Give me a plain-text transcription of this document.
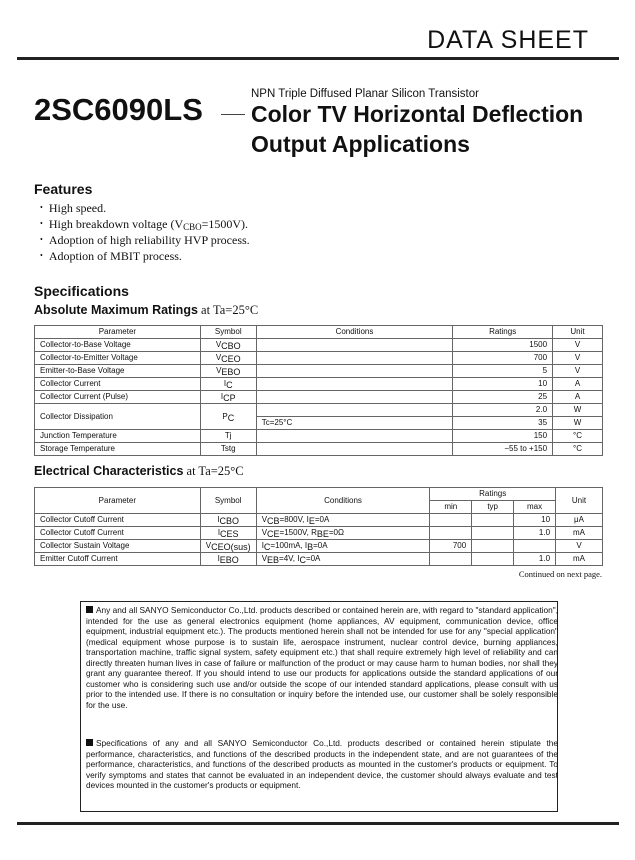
DATA SHEET
2SC6090LS	NPN Triple Diffused Planar Silicon Transistor
Color TV Horizontal Deflection
Output Applications
Features
• High speed.
• High breakdown voltage $(V_{CBO}=1500V)$.
• Adoption of high reliability HVP process.
• Adoption of MBIT process.
Specifications
Absolute Maximum Ratings at Ta=25°C
Parameter	Symbol	Conditions	Ratings	Unit
Collector-to-Base Voltage	$V_{CBO}$		1500	V
Collector-to-Emitter Voltage	$V_{CEO}$		700	V
Emitter-to-Base Voltage	$V_{EBO}$		5	V
Collector Current	$I_C$		10	A
Collector Current (Pulse)	$I_{CP}$		25	A
Collector Dissipation	$P_C$		2.0	W
		Tc=25°C	35	W
Junction Temperature	Tj		150	°C
Storage Temperature	Tstg		−55 to +150	°C
Electrical Characteristics at Ta=25°C
Parameter	Symbol	Conditions	Ratings			Unit
			min	typ	max	
Collector Cutoff Current	$I_{CBO}$	$V_{CB}=800V$, $I_E=0A$			10	μA
Collector Cutoff Current	$I_{CES}$	$V_{CE}=1500V$, $R_{BE}=0\Omega$			1.0	mA
Collector Sustain Voltage	$V_{CEO(sus)}$	$I_C=100mA$, $I_B=0A$	700			V
Emitter Cutoff Current	$I_{EBO}$	$V_{EB}=4V$, $I_C=0A$			1.0	mA
Continued on next page.
Any and all SANYO Semiconductor Co.,Ltd. products described or contained herein are, with regard to "standard application", intended for the use as general electronics equipment (home appliances, AV equipment, communication device, office equipment, industrial equipment etc.). The products mentioned herein shall not be intended for use for any "special application" (medical equipment whose purpose is to sustain life, aerospace instrument, nuclear control device, burning appliances, transportation machine, traffic signal system, safety equipment etc.) that shall require extremely high level of reliability and can directly threaten human lives in case of failure or malfunction of the product or may cause harm to human bodies, nor shall they grant any guarantee thereof. If you should intend to use our products for applications outside the standard applications of our customer who is considering such use and/or outside the scope of our intended standard applications, please consult with us prior to the intended use. If there is no consultation or inquiry before the intended use, our customer shall be solely responsible for the use.
Specifications of any and all SANYO Semiconductor Co.,Ltd. products described or contained herein stipulate the performance, characteristics, and functions of the described products in the independent state, and are not guarantees of the performance, characteristics, and functions of the described products as mounted in the customer's products or equipment. To verify symptoms and states that cannot be evaluated in an independent device, the customer should always evaluate and test devices mounted in the customer's products or equipment.
